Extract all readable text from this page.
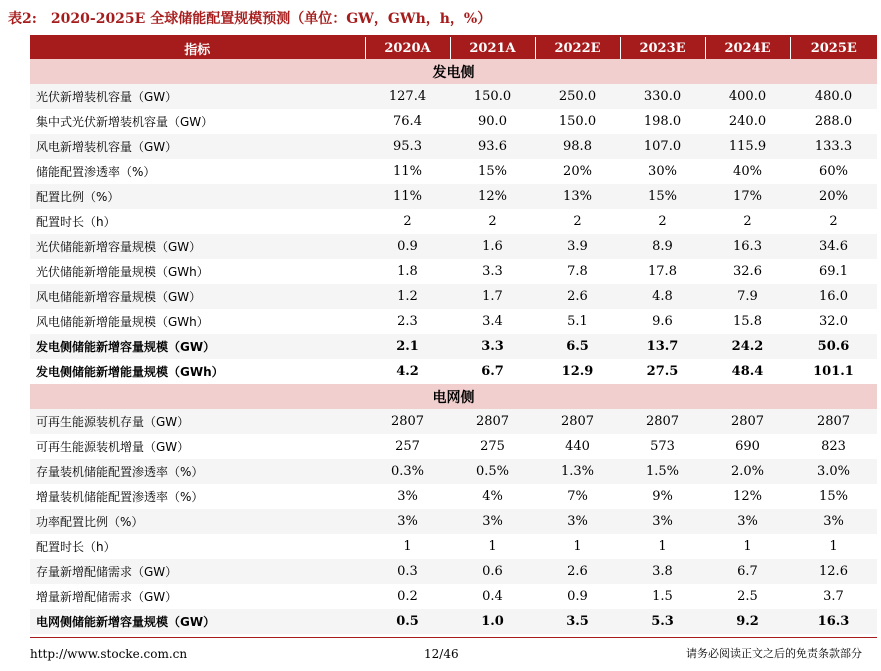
表2: 2020-2025E 全球储能配置规模预测（单位：GW，GWh，h，%）
指标	2020A	2021A	2022E	2023E	2024E	2025E
发电侧						
光伏新增装机容量（GW）	127.4	150.0	250.0	330.0	400.0	480.0
集中式光伏新增装机容量（GW）	76.4	90.0	150.0	198.0	240.0	288.0
风电新增装机容量（GW）	95.3	93.6	98.8	107.0	115.9	133.3
储能配置渗透率（%）	11%	15%	20%	30%	40%	60%
配置比例（%）	11%	12%	13%	15%	17%	20%
配置时长（h）	2	2	2	2	2	2
光伏储能新增容量规模（GW）	0.9	1.6	3.9	8.9	16.3	34.6
光伏储能新增能量规模（GWh）	1.8	3.3	7.8	17.8	32.6	69.1
风电储能新增容量规模（GW）	1.2	1.7	2.6	4.8	7.9	16.0
风电储能新增能量规模（GWh）	2.3	3.4	5.1	9.6	15.8	32.0
发电侧储能新增容量规模（GW）	2.1	3.3	6.5	13.7	24.2	50.6
发电侧储能新增能量规模（GWh）	4.2	6.7	12.9	27.5	48.4	101.1
电网侧						
可再生能源装机存量（GW）	2807	2807	2807	2807	2807	2807
可再生能源装机增量（GW）	257	275	440	573	690	823
存量装机储能配置渗透率（%）	0.3%	0.5%	1.3%	1.5%	2.0%	3.0%
增量装机储能配置渗透率（%）	3%	4%	7%	9%	12%	15%
功率配置比例（%）	3%	3%	3%	3%	3%	3%
配置时长（h）	1	1	1	1	1	1
存量新增配储需求（GW）	0.3	0.6	2.6	3.8	6.7	12.6
增量新增配储需求（GW）	0.2	0.4	0.9	1.5	2.5	3.7
电网侧储能新增容量规模（GW）	0.5	1.0	3.5	5.3	9.2	16.3
http://www.stocke.com.cn	12/46	请务必阅读正文之后的免责条款部分
